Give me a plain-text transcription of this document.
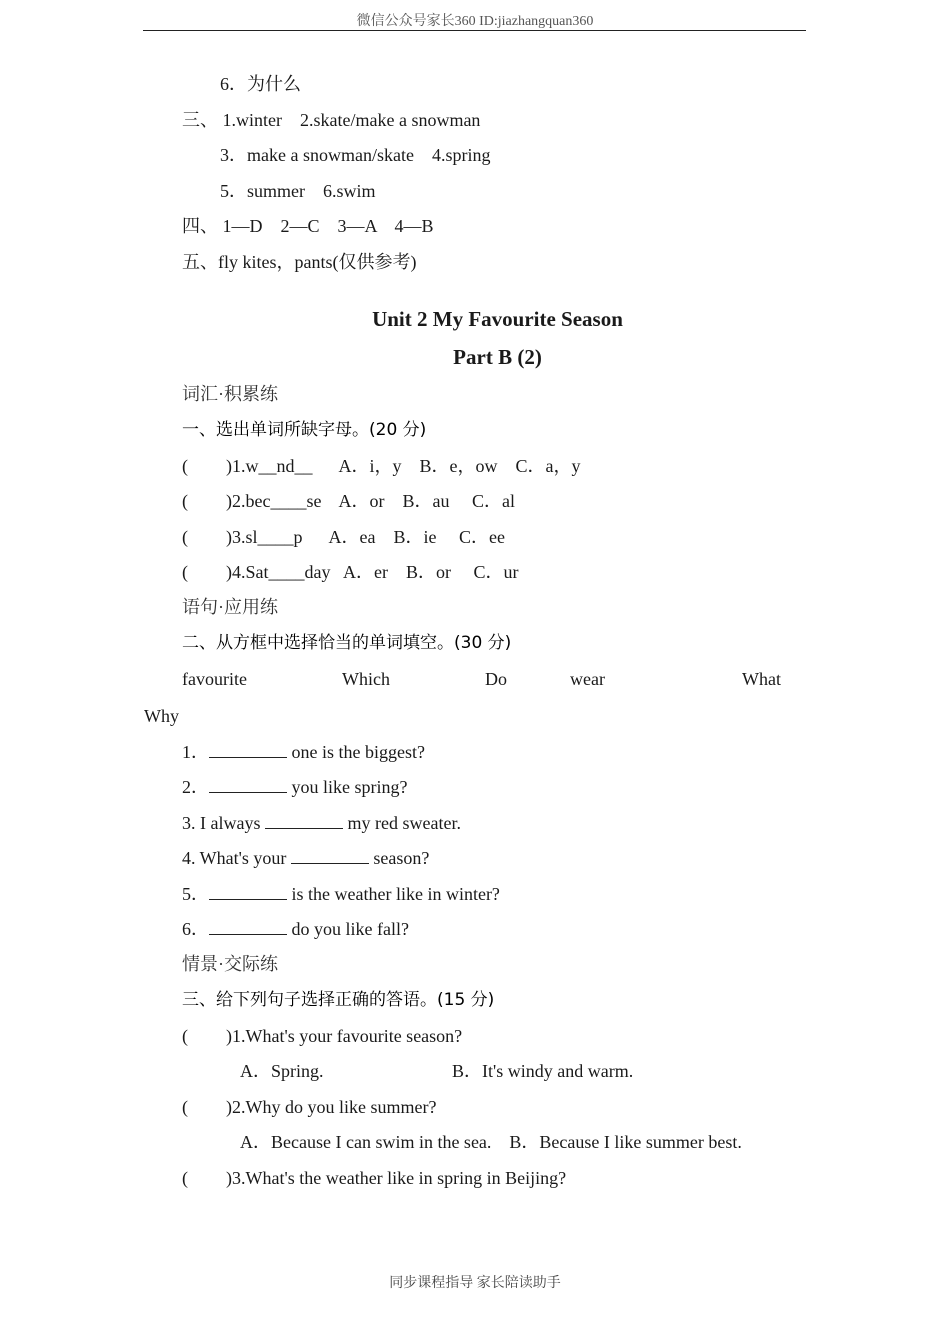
微信公众号家长360 ID:jiazhangquan360
6．为什么
三、 1.winter    2.skate/make a snowman
3．make a snowman/skate    4.spring
5．summer    6.swim
四、 1—D    2—C    3—A    4—B
五、fly kites，pants(仅供参考)
Unit 2 My Favourite Season
Part B (2)
词汇·积累练
一、选出单词所缺字母。(20 分)
( )1.w__nd__      A．i，y    B．e，ow    C．a，y
( )2.bec____se    A．or    B．au     C．al
( )3.sl____p      A．ea    B．ie     C．ee
( )4.Sat____day   A．er    B．or     C．ur
语句·应用练
二、从方框中选择恰当的单词填空。(30 分)
favourite	Which	Do	wear	What
Why
1．	one is the biggest?
2．	you like spring?
3. I always	my red sweater.
4. What's your	season?
5．	is the weather like in winter?
6．	do you like fall?
情景·交际练
三、给下列句子选择正确的答语。(15 分)
( )1.What's your favourite season?
A．Spring.	B．It's windy and warm.
( )2.Why do you like summer?
A．Because I can swim in the sea.    B．Because I like summer best.
( )3.What's the weather like in spring in Beijing?
同步课程指导 家长陪读助手
